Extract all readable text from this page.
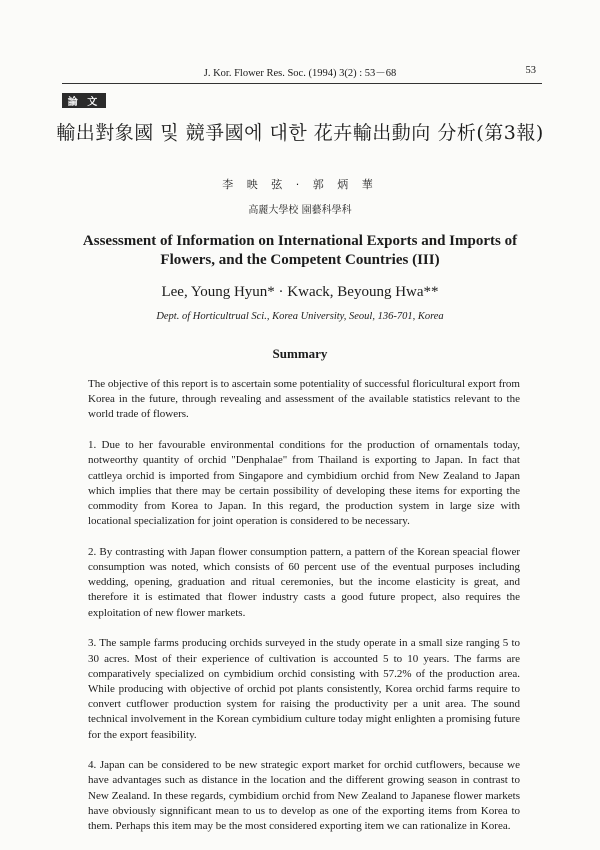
J. Kor. Flower Res. Soc. (1994) 3(2) : 53－68	53
論 文
輸出對象國 및 競爭國에 대한 花卉輸出動向 分析(第3報)
李 映 弦 · 郭 炳 華
高麗大學校 園藝科學科
Assessment of Information on International Exports and Imports of Flowers, and the Competent Countries (III)
Lee, Young Hyun* · Kwack, Beyoung Hwa**
Dept. of Horticultrual Sci., Korea University, Seoul, 136-701, Korea
Summary

The objective of this report is to ascertain some potentiality of successful floricultural export from Korea in the future, through revealing and assessment of the available statistics relevant to the world trade of flowers.

1. Due to her favourable environmental conditions for the production of ornamentals today, notweorthy quantity of orchid "Denphalae" from Thailand is exporting to Japan. In fact that cattleya orchid is imported from Singapore and cymbidium orchid from New Zealand to Japan which implies that there may be certain possibility of developing these items for exporting the commodity from Korea to Japan. In this regard, the production system in large size with locational specialization for joint operation is considered to be necessary.

2. By contrasting with Japan flower consumption pattern, a pattern of the Korean speacial flower consumption was noted, which consists of 60 percent use of the eventual purposes including wedding, opening, graduation and ritual ceremonies, but the income elasticity is great, and therefore it is estimated that flower industry casts a good future propect, also requires the exploitation of new flower markets.

3. The sample farms producing orchids surveyed in the study operate in a small size ranging 5 to 30 acres. Most of their experience of cultivation is accounted 5 to 10 years. The farms are comparatively specialized on cymbidium orchid consisting with 57.2% of the production area. While producing with objective of orchid pot plants consistently, Korea orchid farms require to convert cutflower production system for raising the productivity per a unit area. The sound technical involvement in the Korean cymbidium culture today might enlighten a promising future for the export feasibility.

4. Japan can be considered to be new strategic export market for orchid cutflowers, because we have advantages such as distance in the location and the different growing season in contrast to New Zealand. In these regards, cymbidium orchid from New Zealand to Japanese flower markets have obviously signnificant mean to us to develop as one of the exporting items from Korea to them. Perhaps this item may be the most considered exporting item we can rationalize in Korea.
